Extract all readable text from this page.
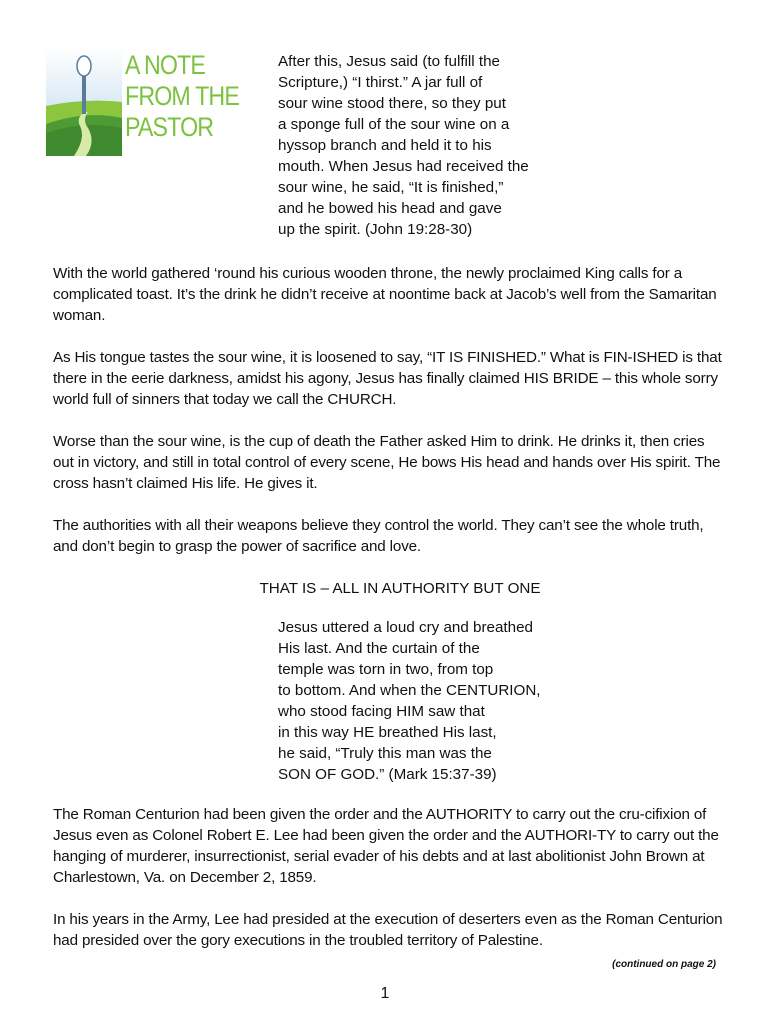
A NOTE
FROM THE
PASTOR
After this, Jesus said (to fulfill the
Scripture,) “I thirst.” A jar full of
sour wine stood there, so they put
a sponge full of the sour wine on a
hyssop branch and held it to his
mouth. When Jesus had received the
sour wine, he said, “It is finished,”
and he bowed his head and gave
up the spirit. (John 19:28-30)

With the world gathered ‘round his curious wooden throne, the newly proclaimed King calls for a complicated toast. It’s the drink he didn’t receive at noontime back at Jacob’s well from the Samaritan woman.

As His tongue tastes the sour wine, it is loosened to say, “IT IS FINISHED.” What is FIN-ISHED is that there in the eerie darkness, amidst his agony, Jesus has finally claimed HIS BRIDE – this whole sorry world full of sinners that today we call the CHURCH.

Worse than the sour wine, is the cup of death the Father asked Him to drink. He drinks it, then cries out in victory, and still in total control of every scene, He bows His head and hands over His spirit. The cross hasn’t claimed His life. He gives it.

The authorities with all their weapons believe they control the world. They can’t see the whole truth, and don’t begin to grasp the power of sacrifice and love.

THAT IS – ALL IN AUTHORITY BUT ONE
Jesus uttered a loud cry and breathed
His last. And the curtain of the
temple was torn in two, from top
to bottom. And when the CENTURION,
who stood facing HIM saw that
in this way HE breathed His last,
he said, “Truly this man was the
SON OF GOD.” (Mark 15:37-39)

The Roman Centurion had been given the order and the AUTHORITY to carry out the cru-cifixion of Jesus even as Colonel Robert E. Lee had been given the order and the AUTHORI-TY to carry out the hanging of murderer, insurrectionist, serial evader of his debts and at last abolitionist John Brown at Charlestown, Va. on December 2, 1859.

In his years in the Army, Lee had presided at the execution of deserters even as the Roman Centurion had presided over the gory executions in the troubled territory of Palestine.

(continued on page 2)
1
